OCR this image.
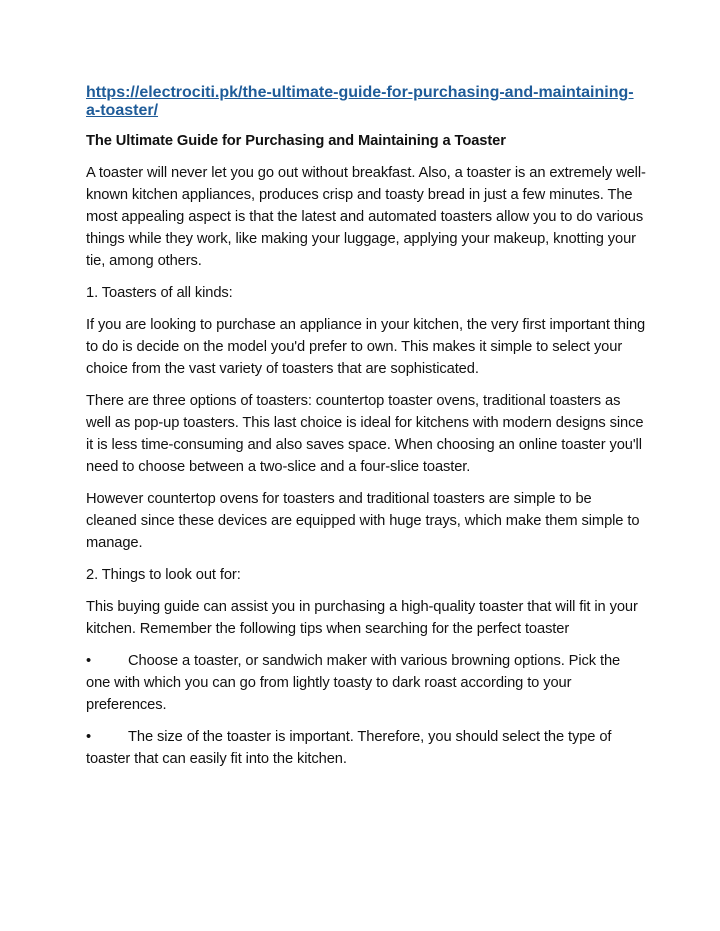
https://electrociti.pk/the-ultimate-guide-for-purchasing-and-maintaining-a-toaster/

The Ultimate Guide for Purchasing and Maintaining a Toaster

A toaster will never let you go out without breakfast. Also, a toaster is an extremely well-known kitchen appliances, produces crisp and toasty bread in just a few minutes. The most appealing aspect is that the latest and automated toasters allow you to do various things while they work, like making your luggage, applying your makeup, knotting your tie, among others.

1. Toasters of all kinds:

If you are looking to purchase an appliance in your kitchen, the very first important thing to do is decide on the model you'd prefer to own. This makes it simple to select your choice from the vast variety of toasters that are sophisticated.

There are three options of toasters: countertop toaster ovens, traditional toasters as well as pop-up toasters. This last choice is ideal for kitchens with modern designs since it is less time-consuming and also saves space. When choosing an online toaster you'll need to choose between a two-slice and a four-slice toaster.

However countertop ovens for toasters and traditional toasters are simple to be cleaned since these devices are equipped with huge trays, which make them simple to manage.

2. Things to look out for:

This buying guide can assist you in purchasing a high-quality toaster that will fit in your kitchen. Remember the following tips when searching for the perfect toaster

•	Choose a toaster, or sandwich maker with various browning options. Pick the one with which you can go from lightly toasty to dark roast according to your preferences.

•	The size of the toaster is important. Therefore, you should select the type of toaster that can easily fit into the kitchen.
